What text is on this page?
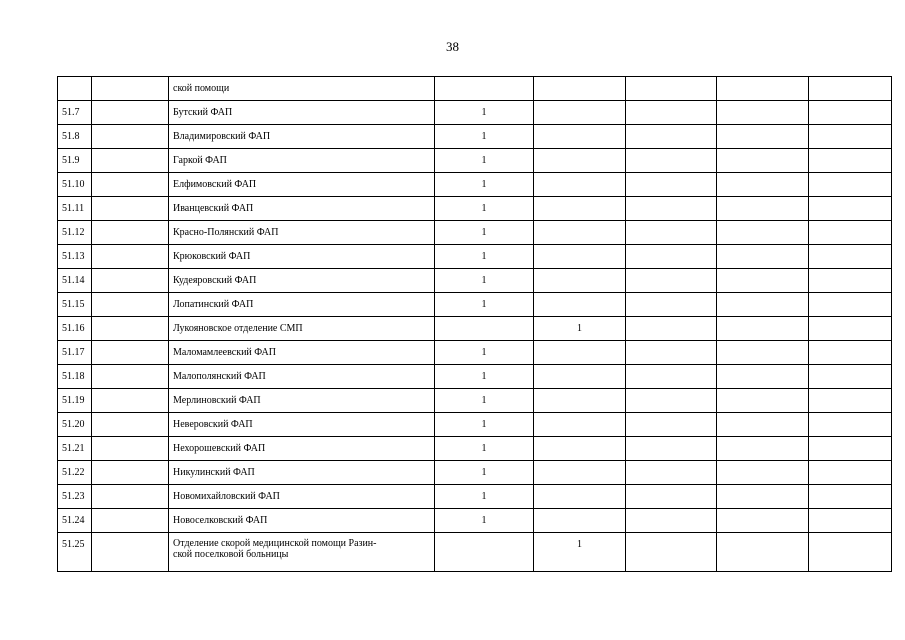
38
		ской помощи					
51.7		Бутский ФАП	1				
51.8		Владимировский ФАП	1				
51.9		Гаркой ФАП	1				
51.10		Елфимовский ФАП	1				
51.11		Иванцевский ФАП	1				
51.12		Красно-Полянский ФАП	1				
51.13		Крюковский ФАП	1				
51.14		Кудеяровский ФАП	1				
51.15		Лопатинский ФАП	1				
51.16		Лукояновское отделение СМП		1			
51.17		Маломамлеевский ФАП	1				
51.18		Малополянский ФАП	1				
51.19		Мерлиновский ФАП	1				
51.20		Неверовский ФАП	1				
51.21		Нехорошевский ФАП	1				
51.22		Никулинский ФАП	1				
51.23		Новомихайловский ФАП	1				
51.24		Новоселковский ФАП	1				
51.25		Отделение скорой медицинской помощи Разин-
ской поселковой больницы		1			
